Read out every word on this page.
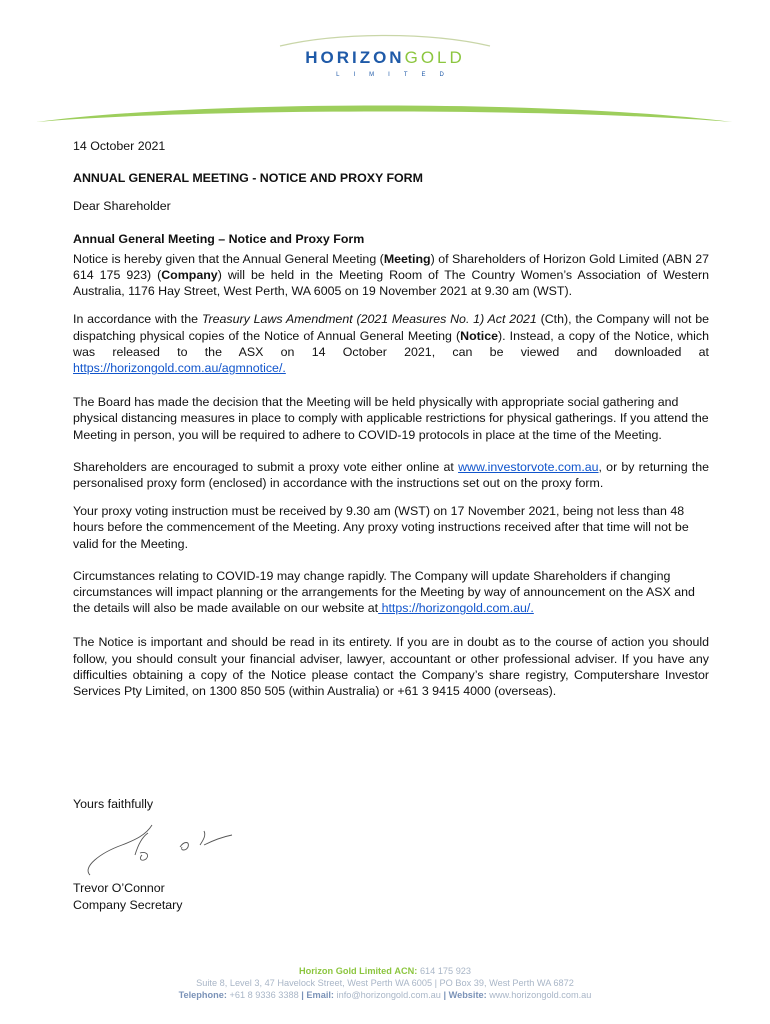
HORIZONGOLD
LIMITED

14 October 2021

ANNUAL GENERAL MEETING - NOTICE AND PROXY FORM

Dear Shareholder

Annual General Meeting – Notice and Proxy Form

Notice is hereby given that the Annual General Meeting (Meeting) of Shareholders of Horizon Gold Limited (ABN 27 614 175 923) (Company) will be held in the Meeting Room of The Country Women’s Association of Western Australia, 1176 Hay Street, West Perth, WA 6005 on 19 November 2021 at 9.30 am (WST).

In accordance with the Treasury Laws Amendment (2021 Measures No. 1) Act 2021 (Cth), the Company will not be dispatching physical copies of the Notice of Annual General Meeting (Notice). Instead, a copy of the Notice, which was released to the ASX on 14 October 2021, can be viewed and downloaded at https://horizongold.com.au/agmnotice/.

The Board has made the decision that the Meeting will be held physically with appropriate social gathering and physical distancing measures in place to comply with applicable restrictions for physical gatherings. If you attend the Meeting in person, you will be required to adhere to COVID-19 protocols in place at the time of the Meeting.

Shareholders are encouraged to submit a proxy vote either online at www.investorvote.com.au, or by returning the personalised proxy form (enclosed) in accordance with the instructions set out on the proxy form.

Your proxy voting instruction must be received by 9.30 am (WST) on 17 November 2021, being not less than 48 hours before the commencement of the Meeting. Any proxy voting instructions received after that time will not be valid for the Meeting.

Circumstances relating to COVID-19 may change rapidly. The Company will update Shareholders if changing circumstances will impact planning or the arrangements for the Meeting by way of announcement on the ASX and the details will also be made available on our website at https://horizongold.com.au/.

The Notice is important and should be read in its entirety. If you are in doubt as to the course of action you should follow, you should consult your financial adviser, lawyer, accountant or other professional adviser. If you have any difficulties obtaining a copy of the Notice please contact the Company’s share registry, Computershare Investor Services Pty Limited, on 1300 850 505 (within Australia) or +61 3 9415 4000 (overseas).

Yours faithfully
Trevor O’Connor
Company Secretary
Horizon Gold Limited ACN: 614 175 923
Suite 8, Level 3, 47 Havelock Street, West Perth WA 6005 | PO Box 39, West Perth WA 6872
Telephone: +61 8 9336 3388 | Email: info@horizongold.com.au | Website: www.horizongold.com.au
